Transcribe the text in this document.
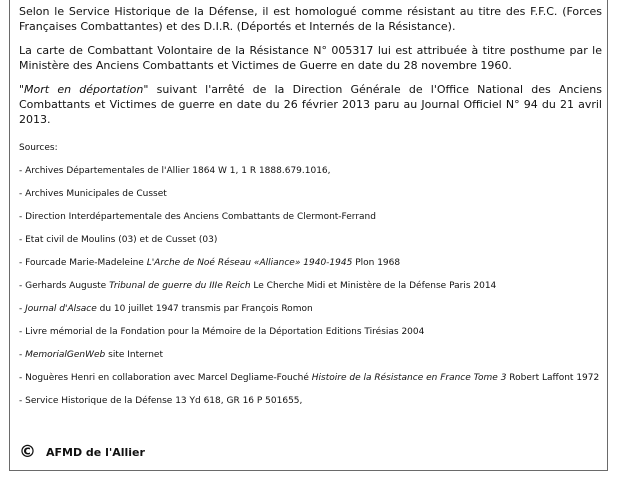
Selon le Service Historique de la Défense, il est homologué comme résistant au titre des F.F.C. (Forces Françaises Combattantes) et des D.I.R. (Déportés et Internés de la Résistance).

La carte de Combattant Volontaire de la Résistance N° 005317 lui est attribuée à titre posthume par le Ministère des Anciens Combattants et Victimes de Guerre en date du 28 novembre 1960.

"Mort en déportation" suivant l'arrêté de la Direction Générale de l'Office National des Anciens Combattants et Victimes de guerre en date du 26 février 2013 paru au Journal Officiel N° 94 du 21 avril 2013.

Sources:

- Archives Départementales de l'Allier 1864 W 1, 1 R 1888.679.1016,

- Archives Municipales de Cusset

- Direction Interdépartementale des Anciens Combattants de Clermont-Ferrand

- Etat civil de Moulins (03) et de Cusset (03)

- Fourcade Marie-Madeleine L'Arche de Noé Réseau «Alliance» 1940-1945 Plon 1968

- Gerhards Auguste Tribunal de guerre du IIIe Reich Le Cherche Midi et Ministère de la Défense Paris 2014

- Journal d'Alsace du 10 juillet 1947 transmis par François Romon

- Livre mémorial de la Fondation pour la Mémoire de la Déportation Editions Tirésias 2004

- MemorialGenWeb site Internet

- Noguères Henri en collaboration avec Marcel Degliame-Fouché Histoire de la Résistance en France Tome 3 Robert Laffont 1972

- Service Historique de la Défense 13 Yd 618, GR 16 P 501655,

© AFMD de l'Allier
